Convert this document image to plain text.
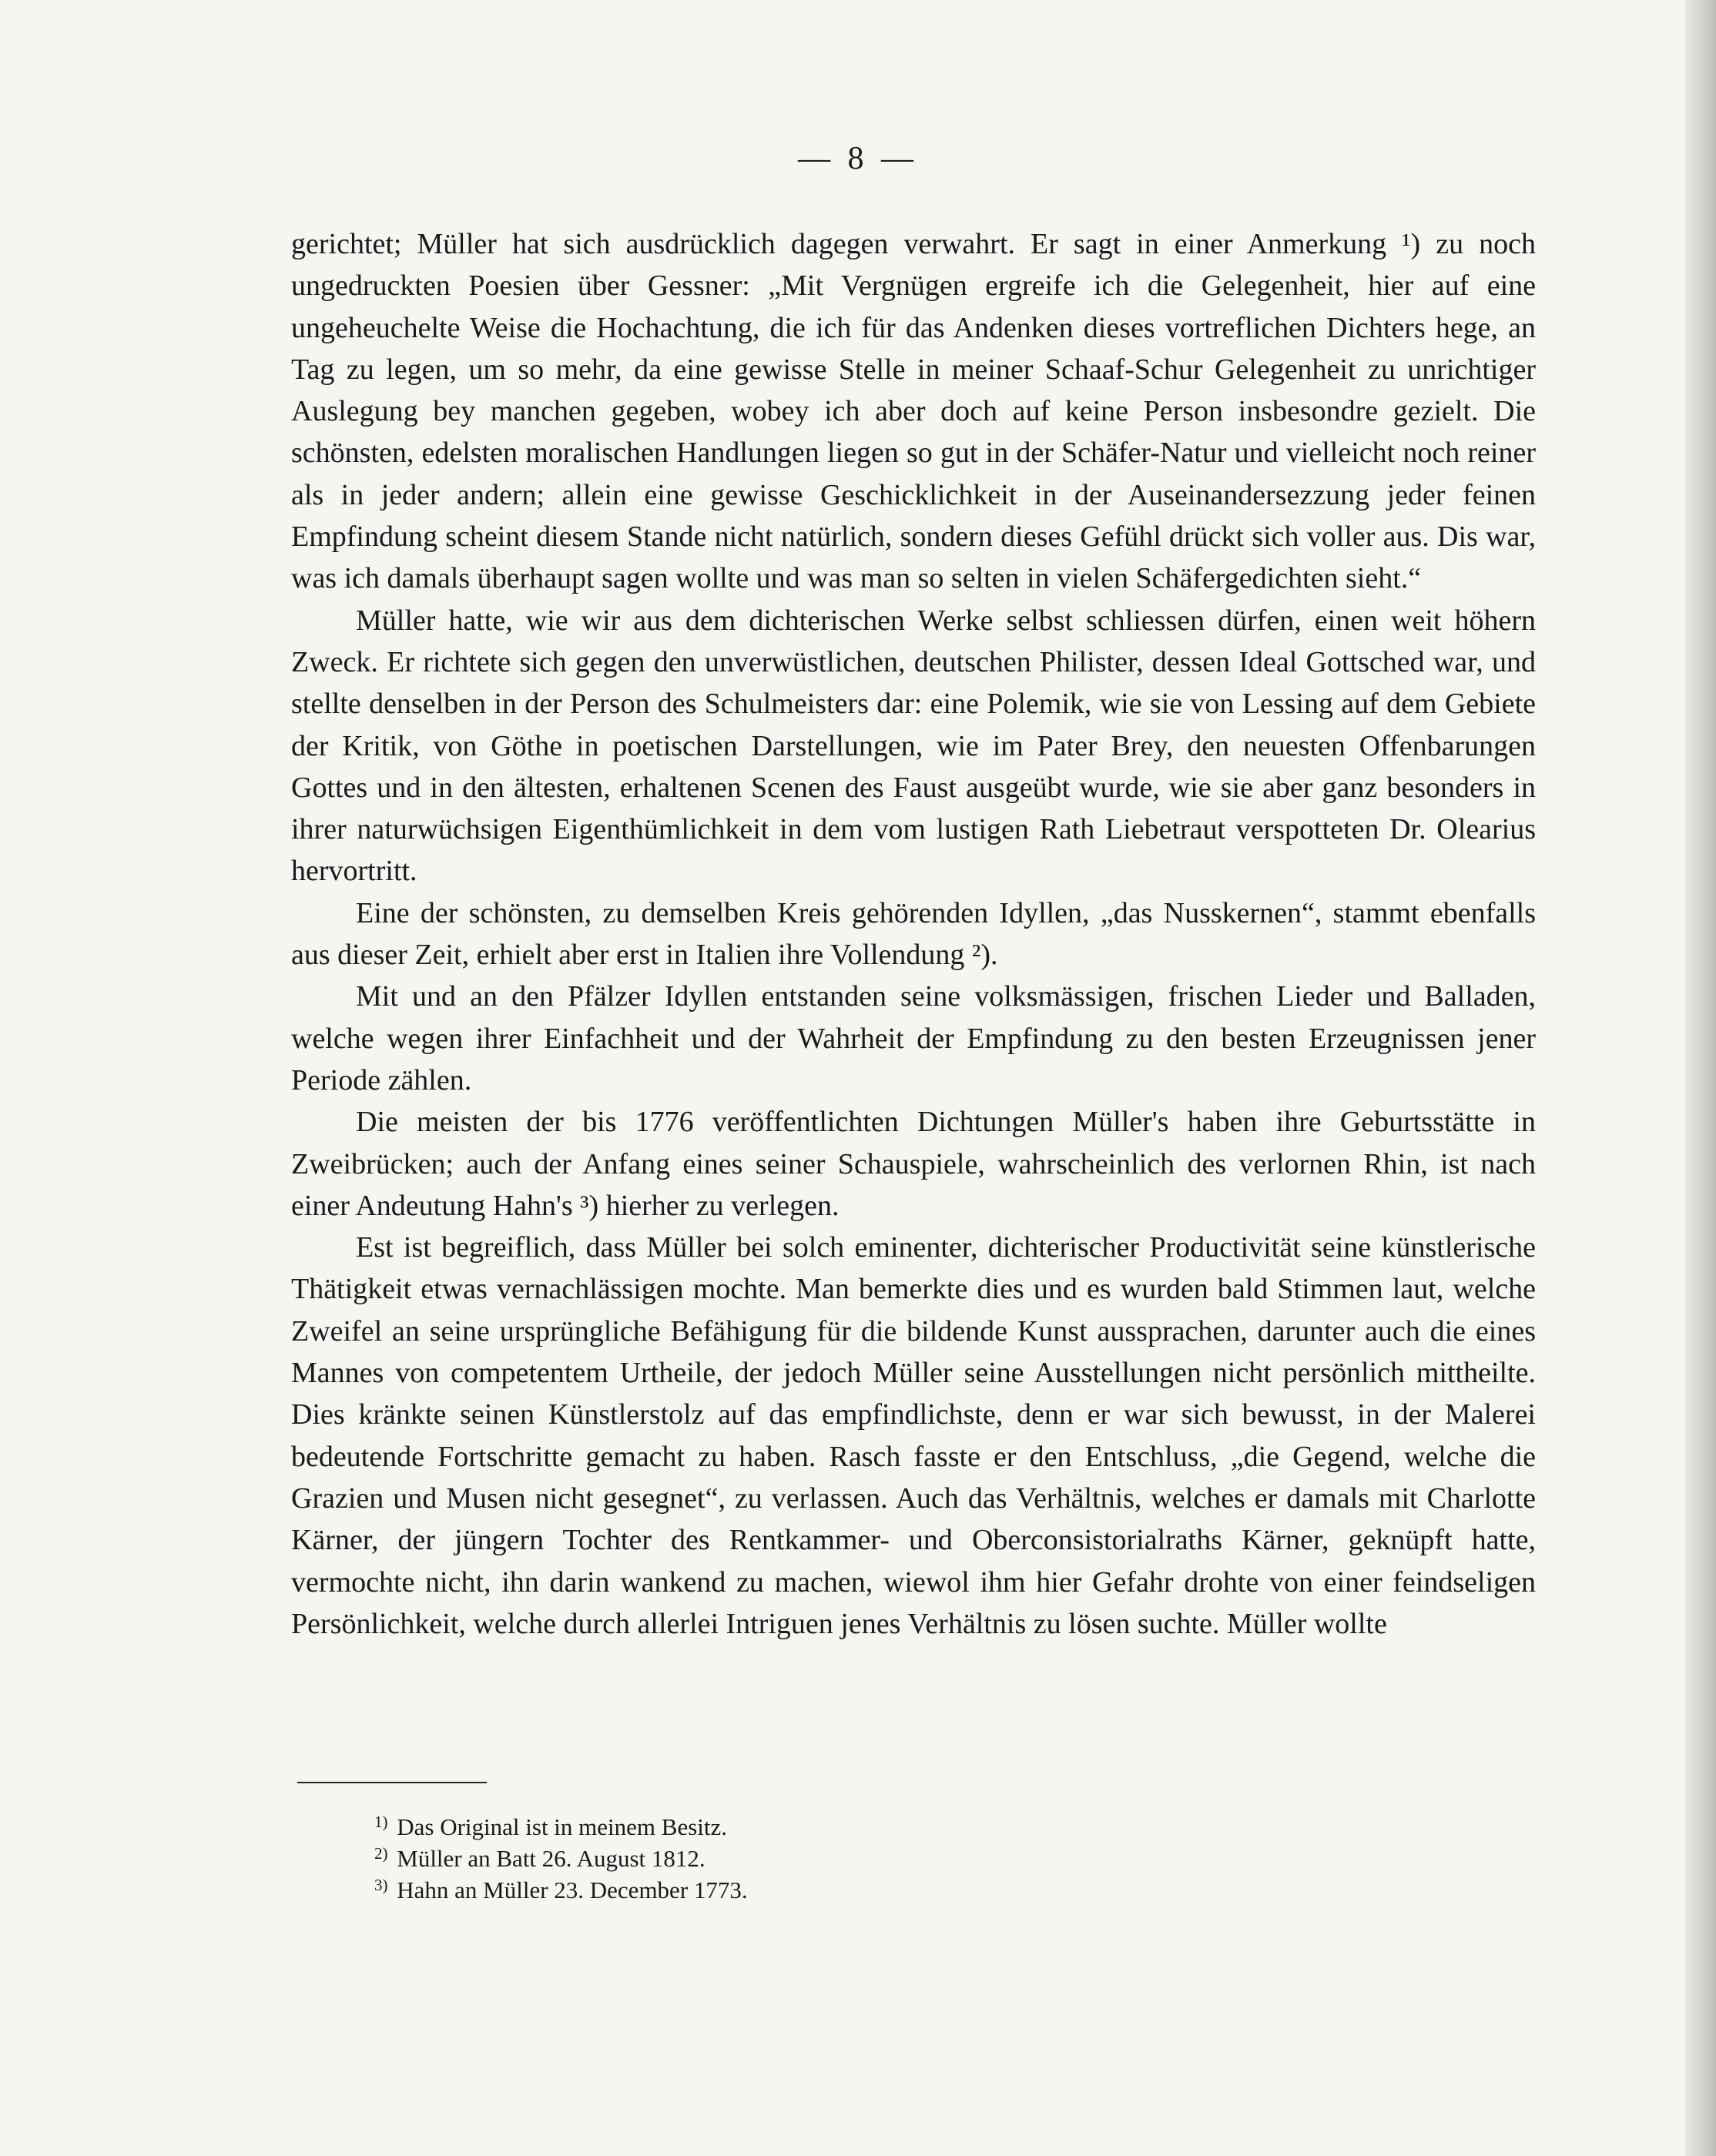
— 8 —

gerichtet; Müller hat sich ausdrücklich dagegen verwahrt. Er sagt in einer Anmerkung ¹) zu noch ungedruckten Poesien über Gessner: „Mit Vergnügen ergreife ich die Gelegenheit, hier auf eine ungeheuchelte Weise die Hochachtung, die ich für das Andenken dieses vortreflichen Dichters hege, an Tag zu legen, um so mehr, da eine gewisse Stelle in meiner Schaaf-Schur Gelegenheit zu unrichtiger Auslegung bey manchen gegeben, wobey ich aber doch auf keine Person insbesondre gezielt. Die schönsten, edelsten moralischen Handlungen liegen so gut in der Schäfer-Natur und vielleicht noch reiner als in jeder andern; allein eine gewisse Geschicklichkeit in der Auseinandersezzung jeder feinen Empfindung scheint diesem Stande nicht natürlich, sondern dieses Gefühl drückt sich voller aus. Dis war, was ich damals überhaupt sagen wollte und was man so selten in vielen Schäfergedichten sieht.“

Müller hatte, wie wir aus dem dichterischen Werke selbst schliessen dürfen, einen weit höhern Zweck. Er richtete sich gegen den unverwüstlichen, deutschen Philister, dessen Ideal Gottsched war, und stellte denselben in der Person des Schulmeisters dar: eine Polemik, wie sie von Lessing auf dem Gebiete der Kritik, von Göthe in poetischen Darstellungen, wie im Pater Brey, den neuesten Offenbarungen Gottes und in den ältesten, erhaltenen Scenen des Faust ausgeübt wurde, wie sie aber ganz besonders in ihrer naturwüchsigen Eigenthümlichkeit in dem vom lustigen Rath Liebetraut verspotteten Dr. Olearius hervortritt.

Eine der schönsten, zu demselben Kreis gehörenden Idyllen, „das Nusskernen“, stammt ebenfalls aus dieser Zeit, erhielt aber erst in Italien ihre Vollendung ²).

Mit und an den Pfälzer Idyllen entstanden seine volksmässigen, frischen Lieder und Balladen, welche wegen ihrer Einfachheit und der Wahrheit der Empfindung zu den besten Erzeugnissen jener Periode zählen.

Die meisten der bis 1776 veröffentlichten Dichtungen Müller's haben ihre Geburtsstätte in Zweibrücken; auch der Anfang eines seiner Schauspiele, wahrscheinlich des verlornen Rhin, ist nach einer Andeutung Hahn's ³) hierher zu verlegen.

Est ist begreiflich, dass Müller bei solch eminenter, dichterischer Productivität seine künstlerische Thätigkeit etwas vernachlässigen mochte. Man bemerkte dies und es wurden bald Stimmen laut, welche Zweifel an seine ursprüngliche Befähigung für die bildende Kunst aussprachen, darunter auch die eines Mannes von competentem Urtheile, der jedoch Müller seine Ausstellungen nicht persönlich mittheilte. Dies kränkte seinen Künstlerstolz auf das empfindlichste, denn er war sich bewusst, in der Malerei bedeutende Fortschritte gemacht zu haben. Rasch fasste er den Entschluss, „die Gegend, welche die Grazien und Musen nicht gesegnet“, zu verlassen. Auch das Verhältnis, welches er damals mit Charlotte Kärner, der jüngern Tochter des Rentkammer- und Oberconsistorialraths Kärner, geknüpft hatte, vermochte nicht, ihn darin wankend zu machen, wiewol ihm hier Gefahr drohte von einer feindseligen Persönlichkeit, welche durch allerlei Intriguen jenes Verhältnis zu lösen suchte. Müller wollte

$^{1)}$ Das Original ist in meinem Besitz.

$^{2)}$ Müller an Batt 26. August 1812.

$^{3)}$ Hahn an Müller 23. December 1773.
